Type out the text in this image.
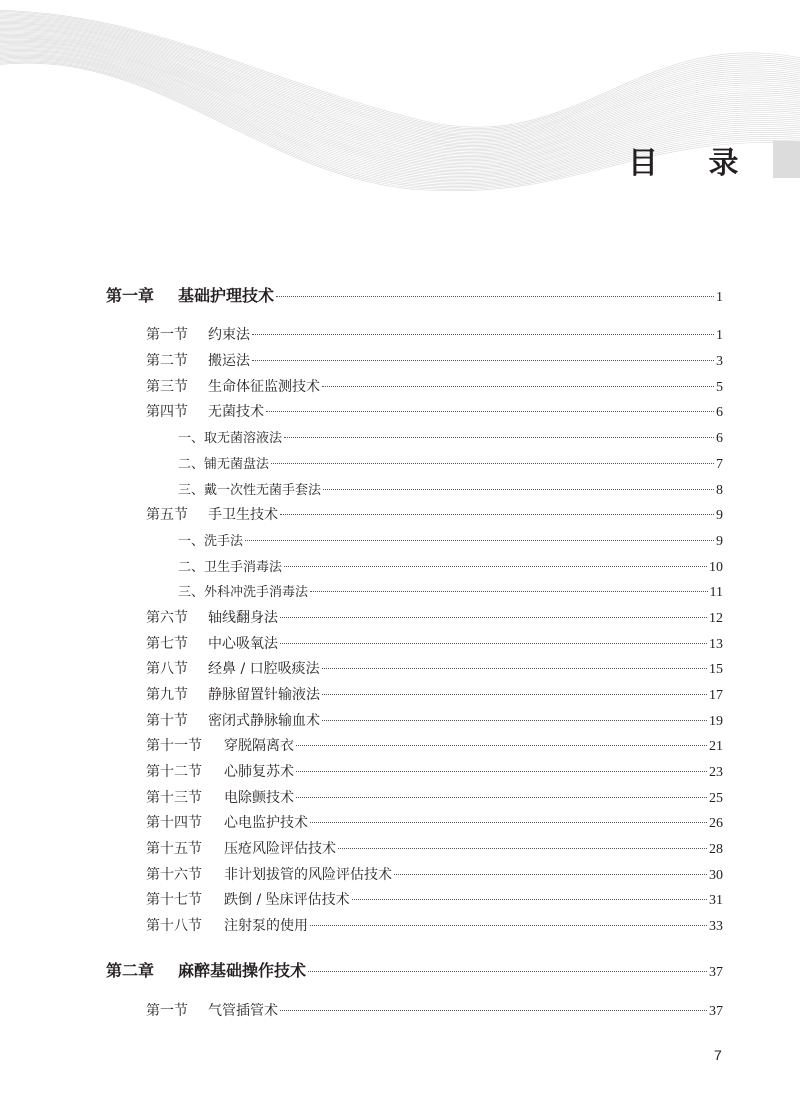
目 录
第一章	基础护理技术	1
第一节	约束法	1
第二节	搬运法	3
第三节	生命体征监测技术	5
第四节	无菌技术	6
一、取无菌溶液法	6
二、铺无菌盘法	7
三、戴一次性无菌手套法	8
第五节	手卫生技术	9
一、洗手法	9
二、卫生手消毒法	10
三、外科冲洗手消毒法	11
第六节	轴线翻身法	12
第七节	中心吸氧法	13
第八节	经鼻 / 口腔吸痰法	15
第九节	静脉留置针输液法	17
第十节	密闭式静脉输血术	19
第十一节	穿脱隔离衣	21
第十二节	心肺复苏术	23
第十三节	电除颤技术	25
第十四节	心电监护技术	26
第十五节	压疮风险评估技术	28
第十六节	非计划拔管的风险评估技术	30
第十七节	跌倒 / 坠床评估技术	31
第十八节	注射泵的使用	33
第二章	麻醉基础操作技术	37
第一节	气管插管术	37
7
